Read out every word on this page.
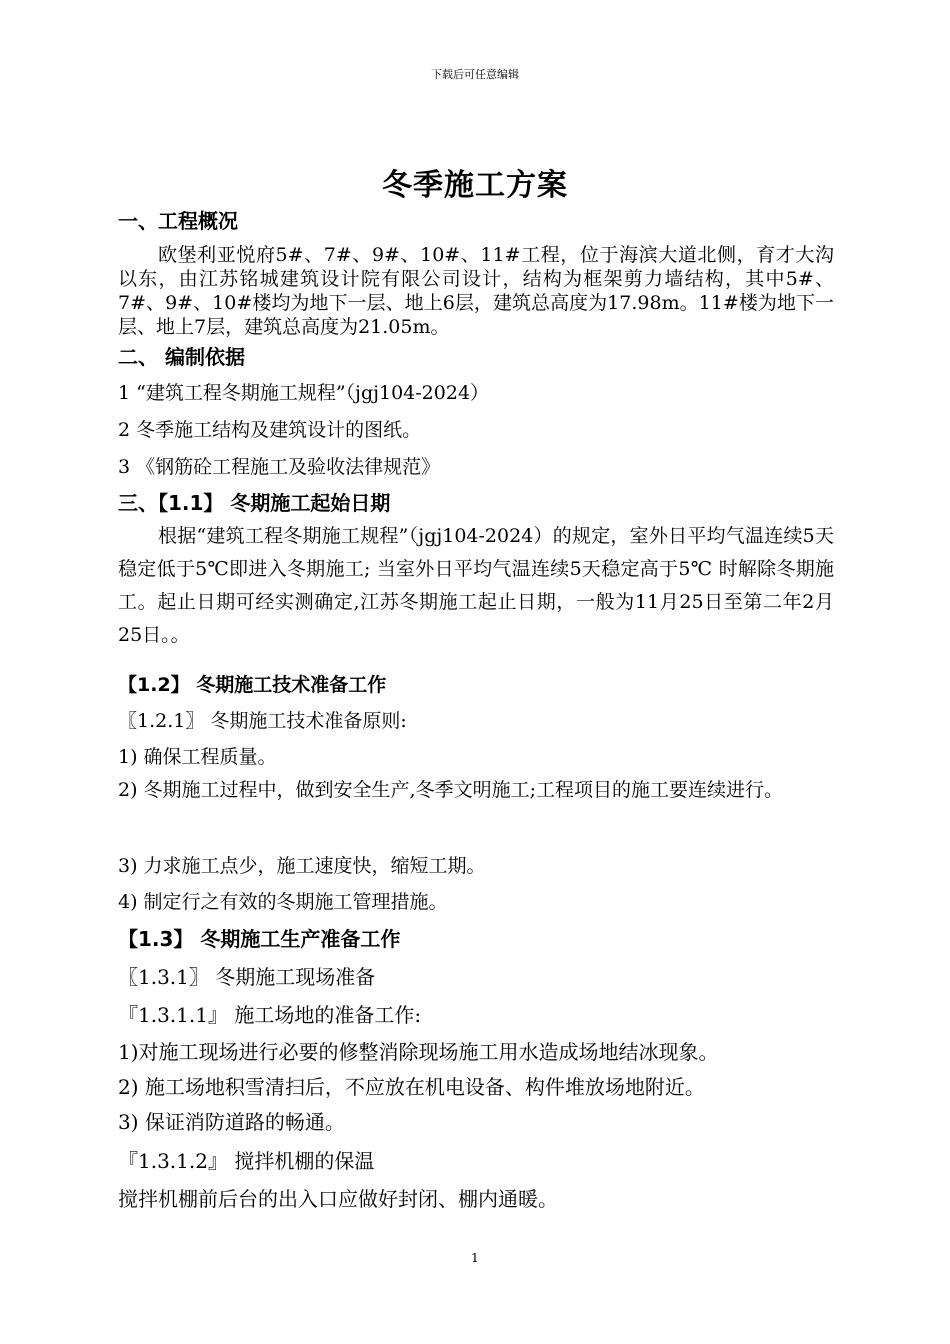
下载后可任意编辑
冬季施工方案
一、工程概况
欧堡利亚悦府5#、7#、9#、10#、11#工程，位于海滨大道北侧，育才大沟以东，由江苏铭城建筑设计院有限公司设计，结构为框架剪力墙结构，其中5#、7#、9#、10#楼均为地下一层、地上6层，建筑总高度为17.98m。11#楼为地下一层、地上7层，建筑总高度为21.05m。
二、 编制依据
1 “建筑工程冬期施工规程”（jgj104-2024）
2 冬季施工结构及建筑设计的图纸。
3 《钢筋砼工程施工及验收法律规范》
三、【1.1】 冬期施工起始日期
根据“建筑工程冬期施工规程”（jgj104-2024）的规定，室外日平均气温连续5天稳定低于5℃即进入冬期施工; 当室外日平均气温连续5天稳定高于5℃ 时解除冬期施工。起止日期可经实测确定,江苏冬期施工起止日期，一般为11月25日至第二年2月25日。。
【1.2】 冬期施工技术准备工作
〖1.2.1〗 冬期施工技术准备原则:
1) 确保工程质量。
2) 冬期施工过程中，做到安全生产,冬季文明施工;工程项目的施工要连续进行。
3) 力求施工点少，施工速度快，缩短工期。
4) 制定行之有效的冬期施工管理措施。
【1.3】 冬期施工生产准备工作
〖1.3.1〗 冬期施工现场准备
『1.3.1.1』 施工场地的准备工作:
1)对施工现场进行必要的修整消除现场施工用水造成场地结冰现象。
2) 施工场地积雪清扫后，不应放在机电设备、构件堆放场地附近。
3) 保证消防道路的畅通。
『1.3.1.2』 搅拌机棚的保温
搅拌机棚前后台的出入口应做好封闭、棚内通暖。
1
